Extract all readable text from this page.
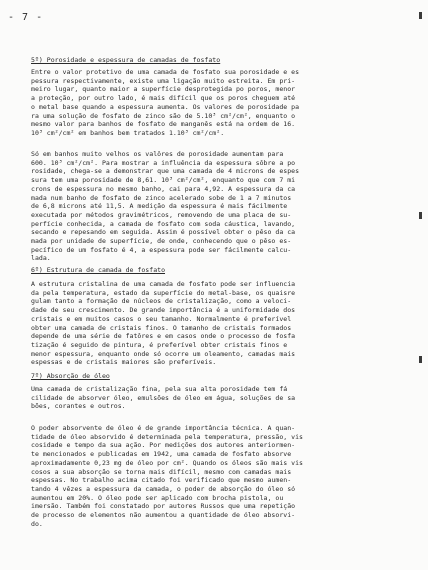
- 7 -
5º) Porosidade e espessura de camadas de fosfato
Entre o valor protetivo de uma camada de fosfato sua porosidade e es
pessura respectivamente, existe uma ligação muito estreita. Em pri-
meiro lugar, quanto maior a superfície desprotegida po poros, menor
a proteção, por outro lado, é mais difícil que os poros cheguem até
o metal base quando a espessura aumenta. Os valores de porosidade pa
ra uma solução de fosfato de zinco são de 5.10³ cm²/cm², enquanto o
mesmo valor para banhos de fosfato de manganês está na ordem de 16.
10³ cm²/cm² em banhos bem tratados 1.10³ cm²/cm².
Só em banhos muito velhos os valôres de porosidade aumentam para
600. 10³ cm²/cm². Para mostrar a influência da espessura sôbre a po
rosidade, chega-se a demonstrar que uma camada de 4 microns de espes
sura tem uma porosidade de 8,61. 10³ cm²/cm², enquanto que com 7 mi
crons de espessura no mesmo banho, cai para 4,92. A espessura da ca
mada num banho de fosfato de zinco acelerado sobe de 1 a 7 minutos
de 6,8 microns até 11,5. A medição da espessura é mais fácilmente
executada por métodos gravimétricos, removendo de uma placa de su-
perfície conhecida, a camada de fosfato com soda cáustica, lavando,
secando e repesando em seguida. Assim é possível obter o pêso da ca
mada por unidade de superfície, de onde, conhecendo que o pêso es-
pecífico de um fosfato é 4, a espessura pode ser fácilmente calcu-
lada.
6º) Estrutura de camada de fosfato
A estrutura cristalina de uma camada de fosfato pode ser influencia
da pela temperatura, estado da superfície do metal-base, os quaisre
gulam tanto a formação de núcleos de cristalização, como a veloci-
dade de seu crescimento. De grande importância é a uniformidade dos
cristais e em muitos casos o seu tamanho. Normalmente é preferível
obter uma camada de cristais finos. O tamanho de cristais formados
depende de uma série de fatôres e em casos onde o processo de fosfa
tização é seguido de pintura, é preferível obter cristais finos e
menor espessura, enquanto onde só ocorre um oleamento, camadas mais
espessas e de cristais maiores são preferíveis.
7º) Absorção de óleo
Uma camada de cristalização fina, pela sua alta porosidade tem fá
cilidade de absorver óleo, emulsões de óleo em água, soluções de sa
bões, corantes e outros.
O poder absorvente de óleo é de grande importância técnica. A quan-
tidade de óleo absorvido é determinada pela temperatura, pressão, vis
cosidade e tempo da sua ação. Por medições dos autores anteriormen-
te mencionados e publicadas em 1942, uma camada de fosfato absorve
aproximadamente 0,23 mg de óleo por cm². Quando os óleos são mais vis
cosos a sua absorção se torna mais difícil, mesmo com camadas mais
espessas. No trabalho acima citado foi verificado que mesmo aumen-
tando 4 vêzes a espessura da camada, o poder de absorção do óleo só
aumentou em 20%. O óleo pode ser aplicado com brocha pistola, ou
imersão. Também foi constatado por autores Russos que uma repetição
de processo de elementos não aumentou a quantidade de óleo absorvi-
do.
